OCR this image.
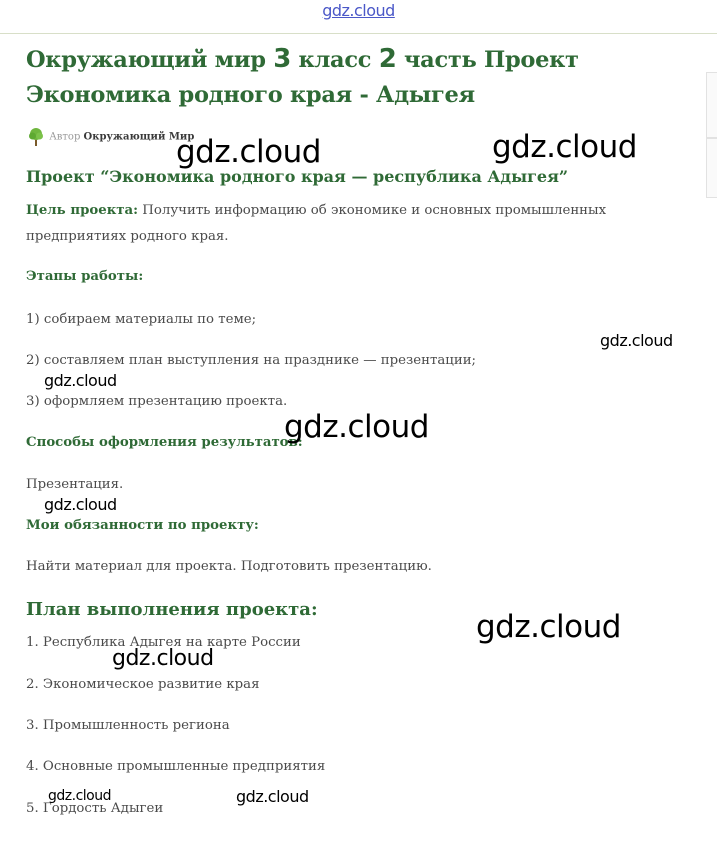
gdz.cloud
Окружающий мир 3 класс 2 часть Проект
Экономика родного края - Адыгея
Автор Окружающий Мир
Проект “Экономика родного края — республика Адыгея”

Цель проекта: Получить информацию об экономике и основных промышленных предприятиях родного края.

Этапы работы:

1) собираем материалы по теме;

2) составляем план выступления на празднике — презентации;

3) оформляем презентацию проекта.

Способы оформления результатов:

Презентация.

Мои обязанности по проекту:

Найти материал для проекта. Подготовить презентацию.

План выполнения проекта:

1. Республика Адыгея на карте России

2. Экономическое развитие края

3. Промышленность региона

4. Основные промышленные предприятия

5. Гордость Адыгеи

gdz.cloud	gdz.cloud
gdz.cloud
gdz.cloud
gdz.cloud
gdz.cloud
gdz.cloud
gdz.cloud
gdz.cloud	gdz.cloud
